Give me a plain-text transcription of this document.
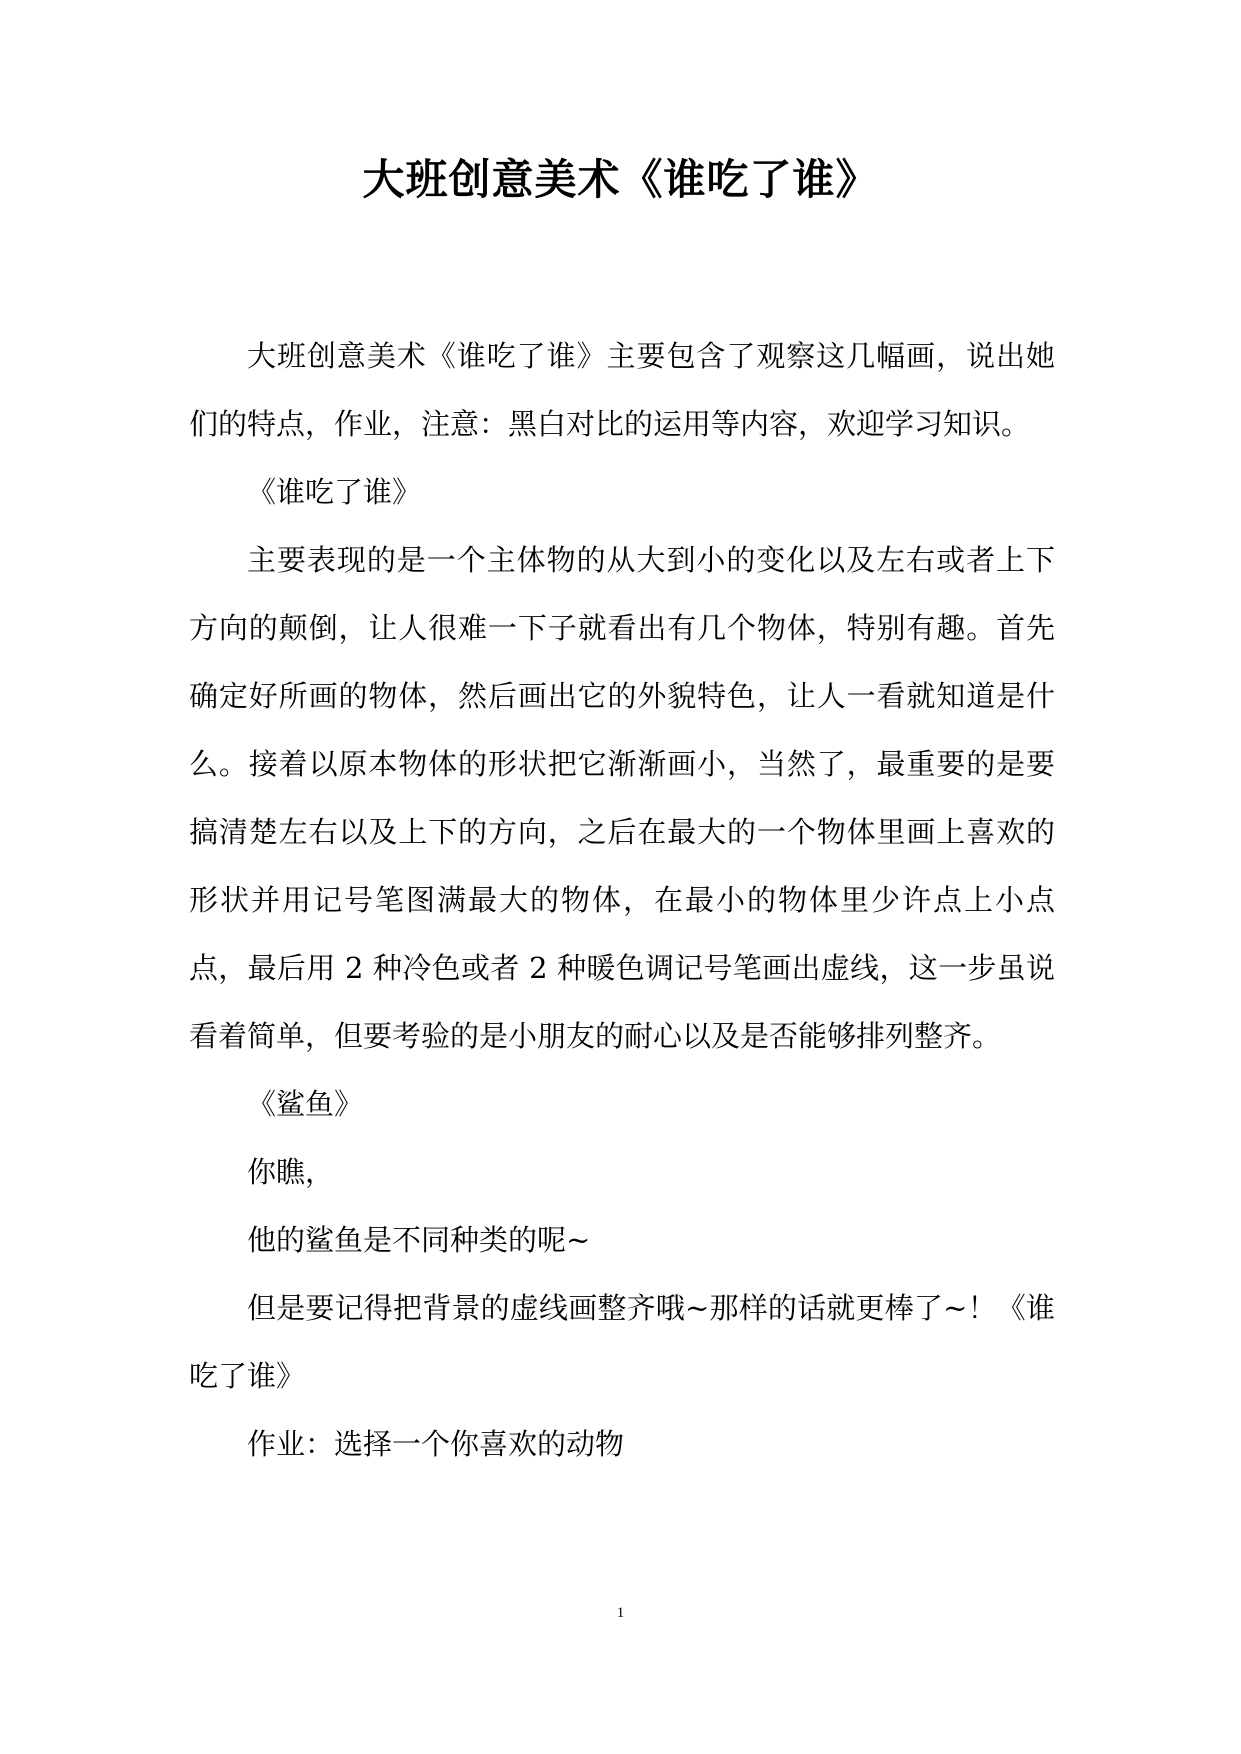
大班创意美术《谁吃了谁》

大班创意美术《谁吃了谁》主要包含了观察这几幅画，说出她们的特点，作业，注意：黑白对比的运用等内容，欢迎学习知识。

《谁吃了谁》

主要表现的是一个主体物的从大到小的变化以及左右或者上下方向的颠倒，让人很难一下子就看出有几个物体，特别有趣。首先确定好所画的物体，然后画出它的外貌特色，让人一看就知道是什么。接着以原本物体的形状把它渐渐画小，当然了，最重要的是要搞清楚左右以及上下的方向，之后在最大的一个物体里画上喜欢的形状并用记号笔图满最大的物体，在最小的物体里少许点上小点点，最后用 2 种冷色或者 2 种暖色调记号笔画出虚线，这一步虽说看着简单，但要考验的是小朋友的耐心以及是否能够排列整齐。

《鲨鱼》

你瞧，

他的鲨鱼是不同种类的呢~

但是要记得把背景的虚线画整齐哦~那样的话就更棒了~！《谁吃了谁》

作业：选择一个你喜欢的动物

1
